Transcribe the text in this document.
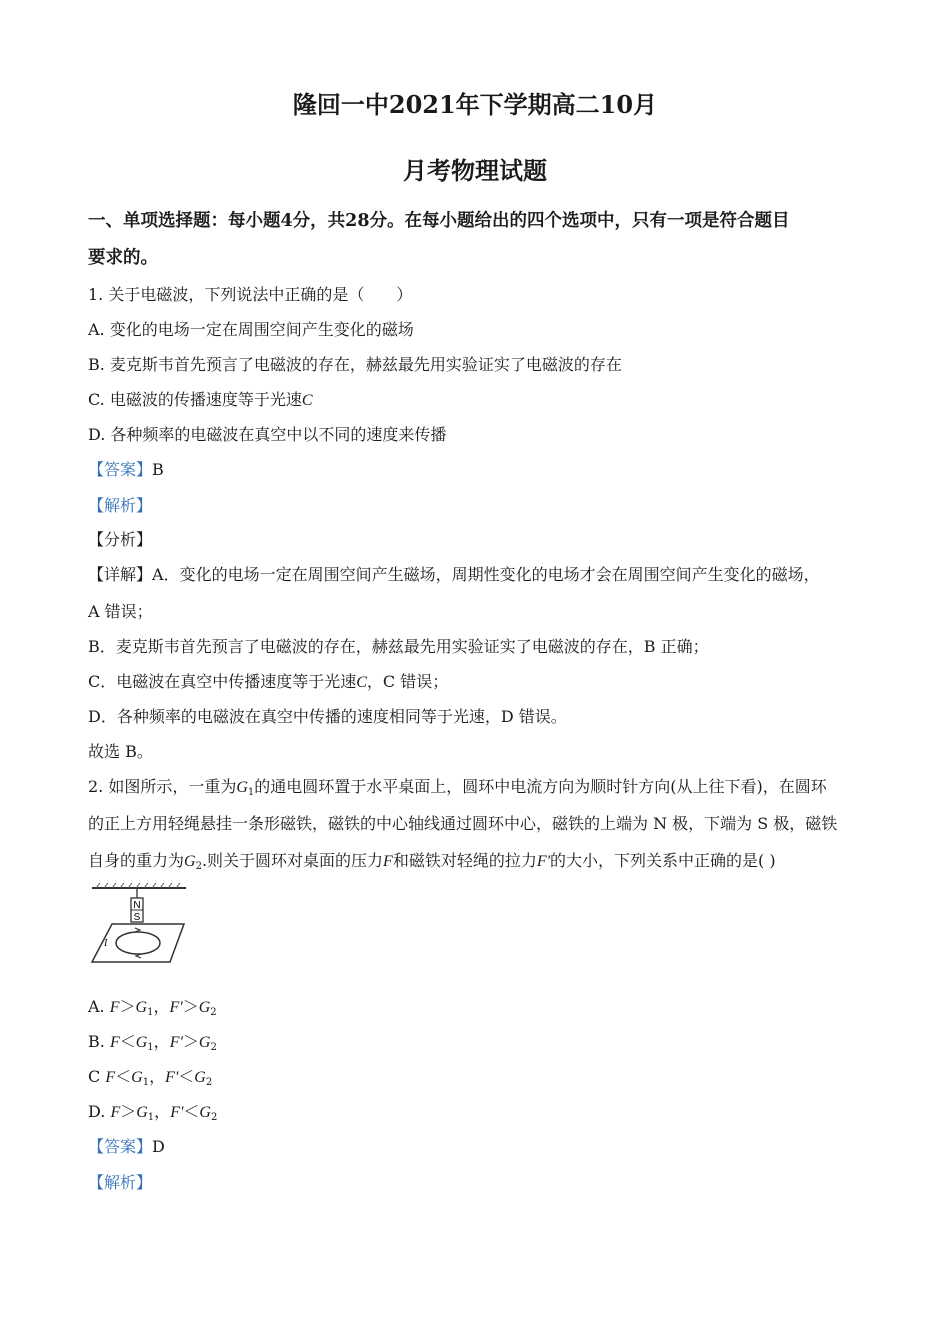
隆回一中2021年下学期高二10月
月考物理试题
一、单项选择题：每小题4分，共28分。在每小题给出的四个选项中，只有一项是符合题目
要求的。
1. 关于电磁波，下列说法中正确的是（　　）
A. 变化的电场一定在周围空间产生变化的磁场
B. 麦克斯韦首先预言了电磁波的存在，赫兹最先用实验证实了电磁波的存在
C. 电磁波的传播速度等于光速C
D. 各种频率的电磁波在真空中以不同的速度来传播
【答案】B
【解析】
【分析】
【详解】A．变化的电场一定在周围空间产生磁场，周期性变化的电场才会在周围空间产生变化的磁场，
A 错误；
B．麦克斯韦首先预言了电磁波的存在，赫兹最先用实验证实了电磁波的存在，B 正确；
C．电磁波在真空中传播速度等于光速C，C 错误；
D．各种频率的电磁波在真空中传播的速度相同等于光速，D 错误。
故选 B。
2. 如图所示，一重为$G_1$的通电圆环置于水平桌面上，圆环中电流方向为顺时针方向(从上往下看)，在圆环
的正上方用轻绳悬挂一条形磁铁，磁铁的中心轴线通过圆环中心，磁铁的上端为 N 极，下端为 S 极，磁铁
自身的重力为$G_2$.则关于圆环对桌面的压力F和磁铁对轻绳的拉力F'的大小，下列关系中正确的是( )
N
S
I
A. $F>G_1$，$F'>G_2$
B. $F<G_1$，$F'>G_2$
C $F<G_1$，$F'<G_2$
D. $F>G_1$，$F'<G_2$
【答案】D
【解析】
